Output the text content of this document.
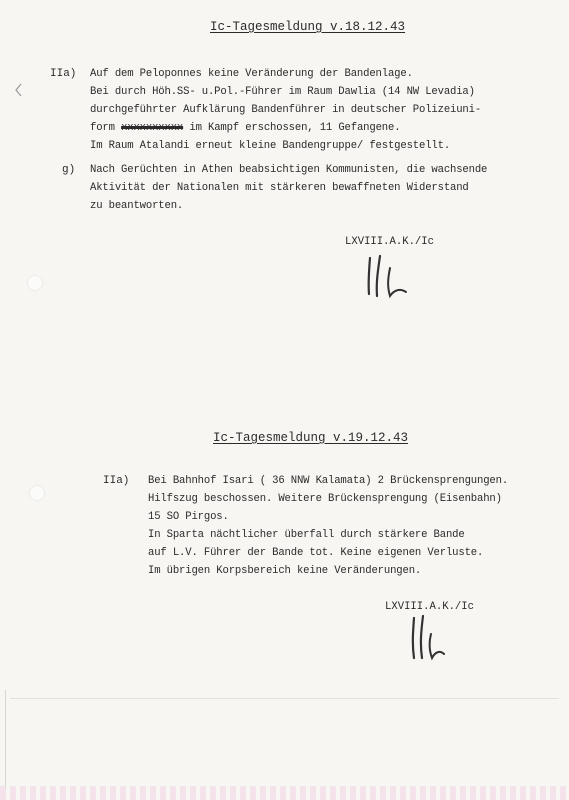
Ic-Tagesmeldung v.18.12.43
IIa) Auf dem Peloponnes keine Veränderung der Bandenlage.
Bei durch Höh.SS- u.Pol.-Führer im Raum Dawlia (14 NW Levadia)
durchgeführter Aufklärung Bandenführer in deutscher Polizeiuni-
form xxxxxxxxxx im Kampf erschossen, 11 Gefangene.
Im Raum Atalandi erneut kleine Bandengruppe/ festgestellt.
g) Nach Gerüchten in Athen beabsichtigen Kommunisten, die wachsende
Aktivität der Nationalen mit stärkeren bewaffneten Widerstand
zu beantworten.
LXVIII.A.K./Ic
Ic-Tagesmeldung v.19.12.43
IIa) Bei Bahnhof Isari ( 36 NNW Kalamata) 2 Brückensprengungen.
Hilfszug beschossen. Weitere Brückensprengung (Eisenbahn)
15 SO Pirgos.
In Sparta nächtlicher überfall durch stärkere Bande
auf L.V. Führer der Bande tot. Keine eigenen Verluste.
Im übrigen Korpsbereich keine Veränderungen.
LXVIII.A.K./Ic
